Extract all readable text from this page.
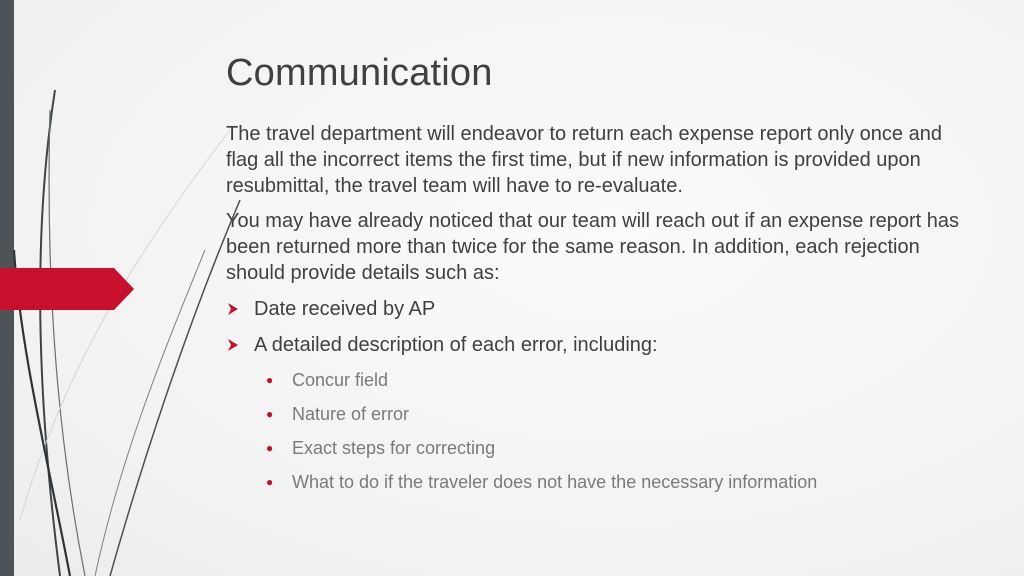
Communication

The travel department will endeavor to return each expense report only once and flag all the incorrect items the first time, but if new information is provided upon resubmittal, the travel team will have to re-evaluate.

You may have already noticed that our team will reach out if an expense report has been returned more than twice for the same reason. In addition, each rejection should provide details such as:

Date received by AP
A detailed description of each error, including:
●	Concur field
●	Nature of error
●	Exact steps for correcting
●	What to do if the traveler does not have the necessary information
